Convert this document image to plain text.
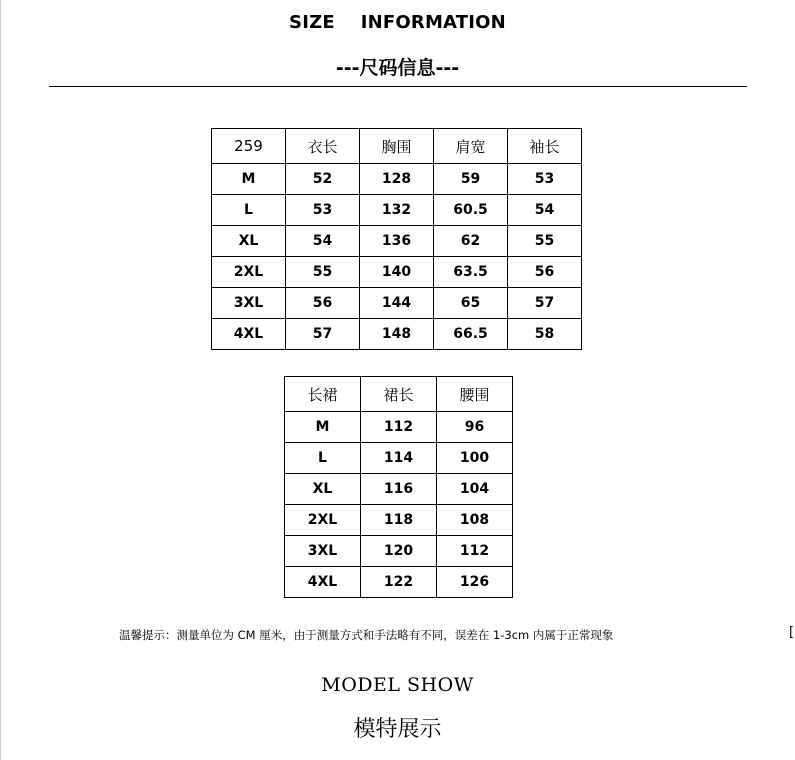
SIZE    INFORMATION
---尺码信息---
259	衣长	胸围	肩宽	袖长
M	52	128	59	53
L	53	132	60.5	54
XL	54	136	62	55
2XL	55	140	63.5	56
3XL	56	144	65	57
4XL	57	148	66.5	58
长裙	裙长	腰围
M	112	96
L	114	100
XL	116	104
2XL	118	108
3XL	120	112
4XL	122	126
温馨提示：测量单位为 CM 厘米，由于测量方式和手法略有不同，误差在 1-3cm 内属于正常现象	[
MODEL SHOW
模特展示
